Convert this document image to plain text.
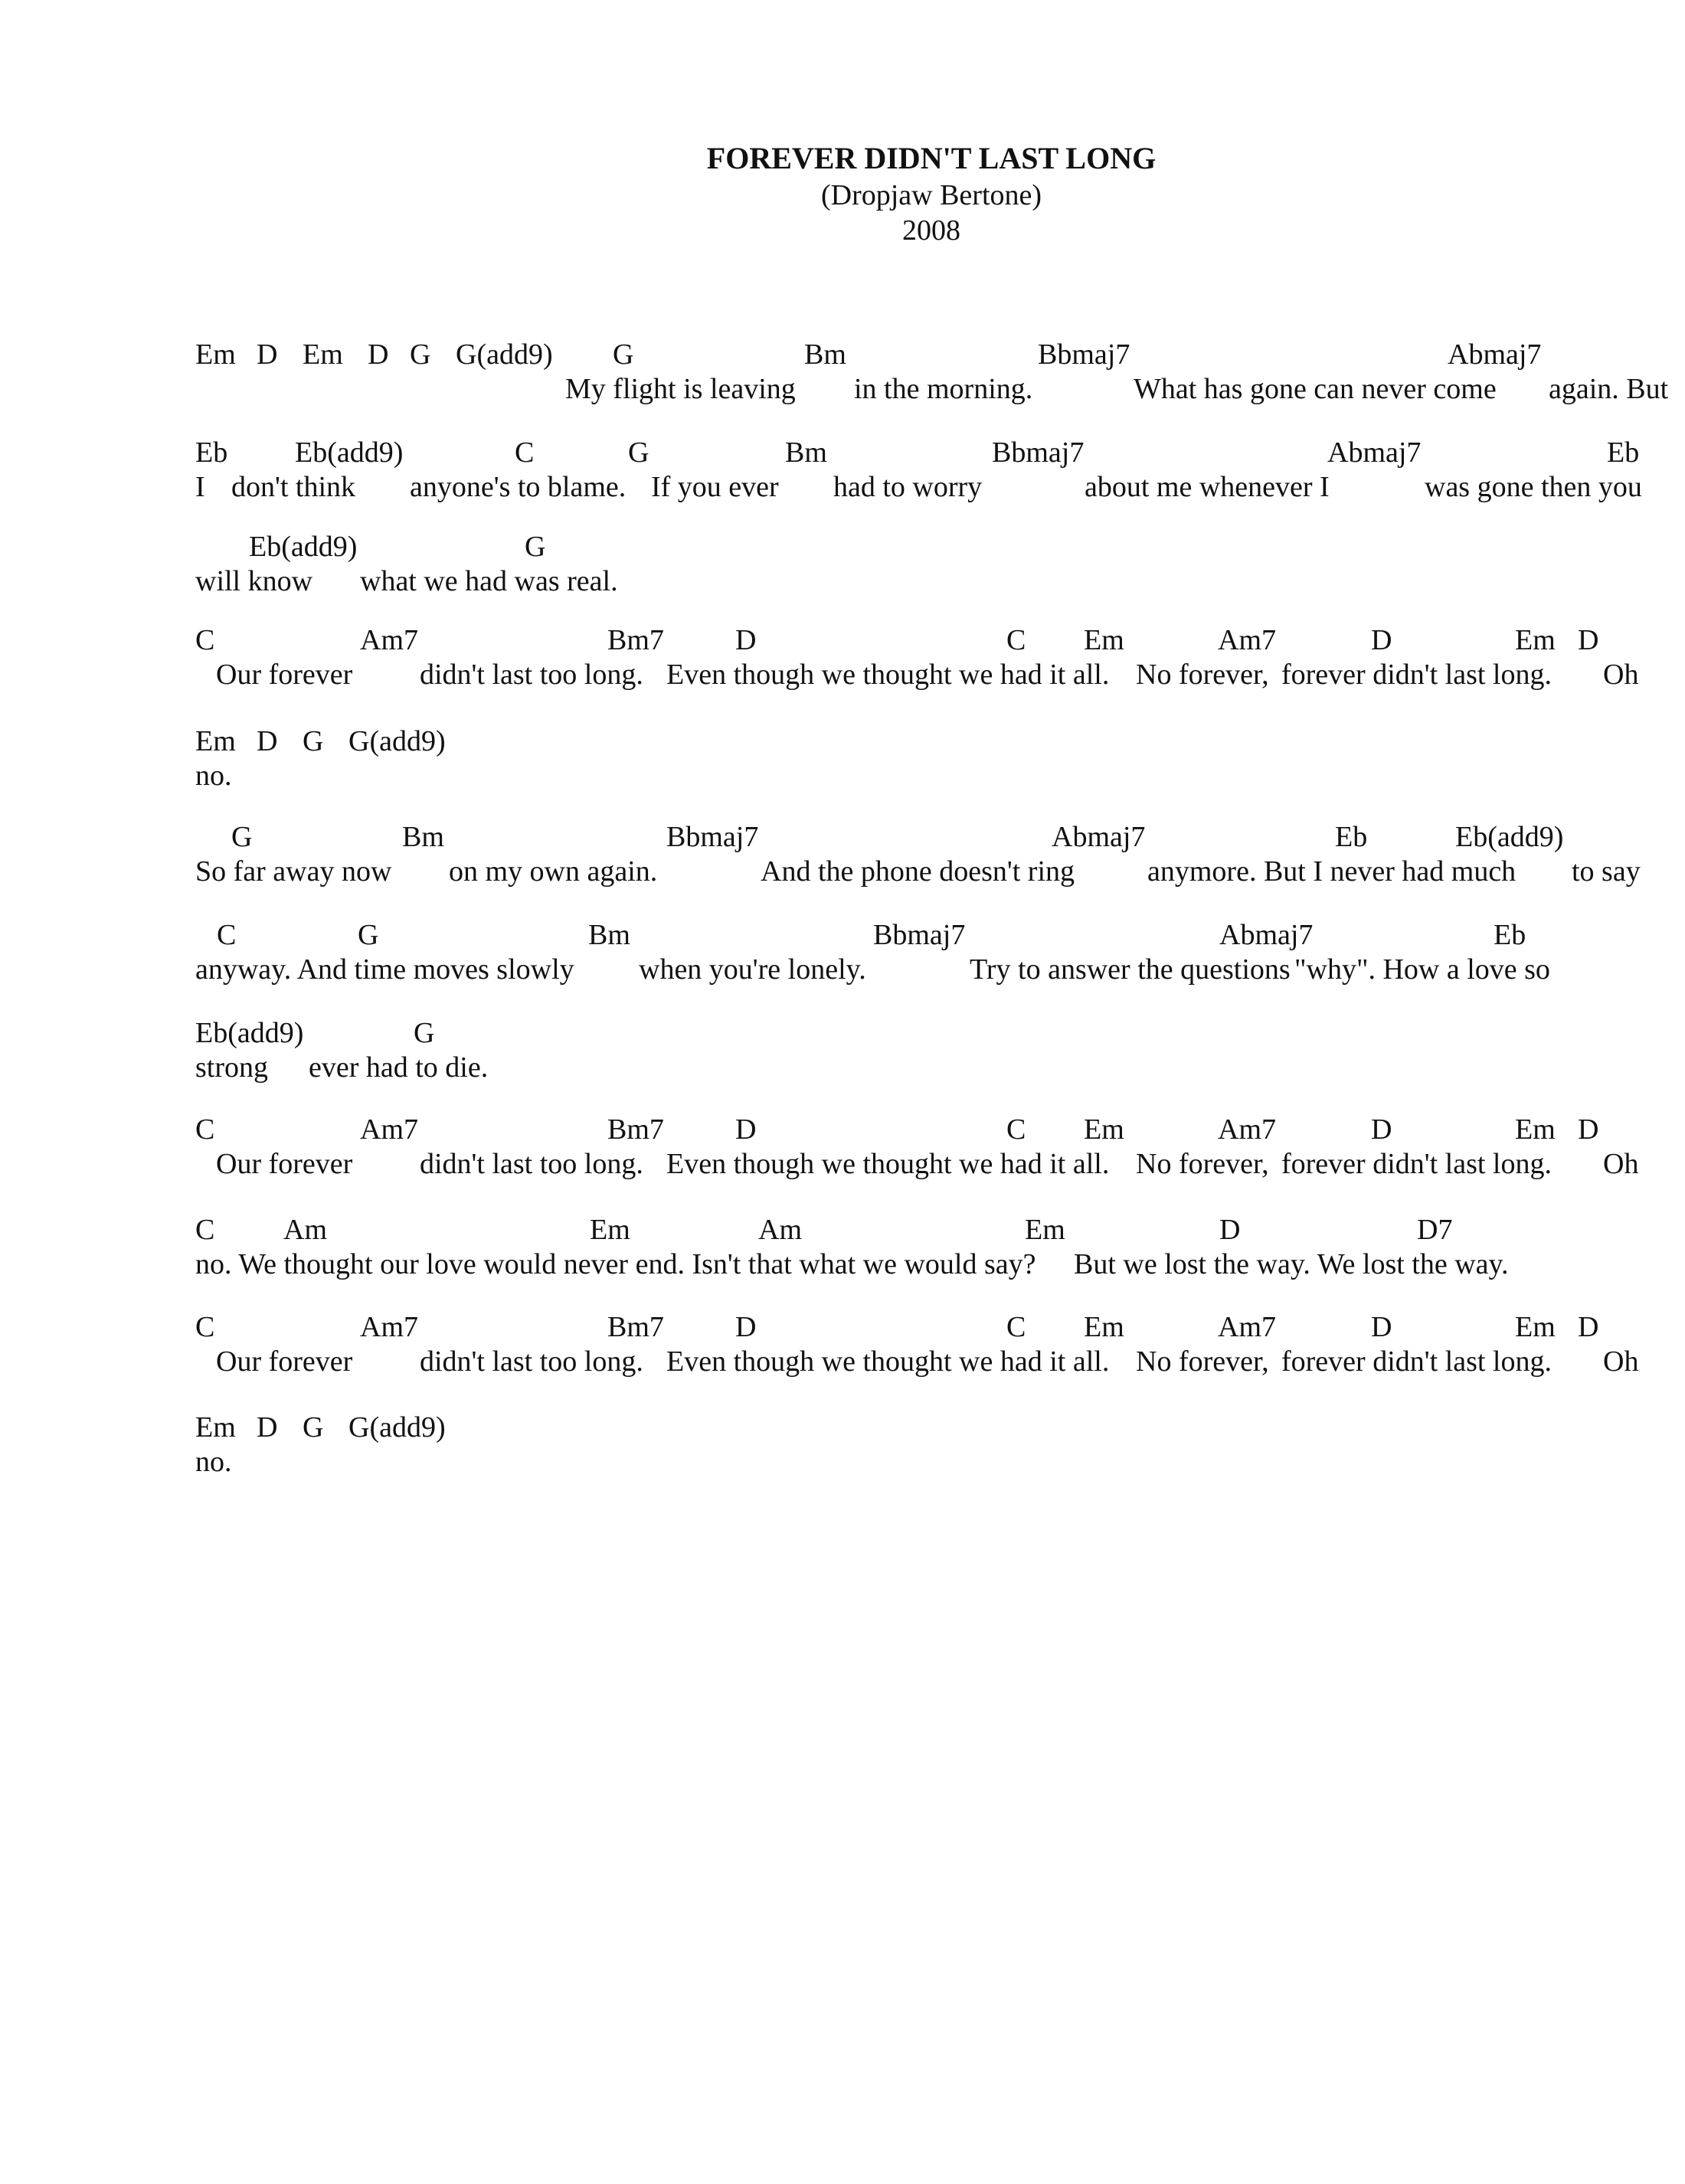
FOREVER DIDN'T LAST LONG
(Dropjaw Bertone)
2008
Em D Em D G G(add9) G	Bm	Bbmaj7	Abmaj7
My flight is leaving in the morning.	What has gone can never come again. But
Eb Eb(add9)	C	G	Bm	Bbmaj7	Abmaj7	Eb
I don't think anyone's to blame. If you ever had to worry	about me whenever I	was gone then you
Eb(add9)	G
will know what we had was real.
C	Am7	Bm7 D	C Em	Am7	D	Em D
Our forever didn't last too long. Even though we thought we had it all. No forever, forever didn't last long. Oh
Em D G G(add9)
no.
G	Bm	Bbmaj7	Abmaj7	Eb	Eb(add9)
So far away now on my own again.	And the phone doesn't ring anymore. But I never had much to say
C	G	Bm	Bbmaj7	Abmaj7	Eb
anyway. And time moves slowly when you're lonely.	Try to answer the questions "why". How a love so
Eb(add9)	G
strong ever had to die.
C	Am7	Bm7 D	C Em	Am7	D	Em D
Our forever didn't last too long. Even though we thought we had it all. No forever, forever didn't last long. Oh
C Am	Em	Am	Em	D	D7
no. We thought our love would never end. Isn't that what we would say? But we lost the way. We lost the way.
C	Am7	Bm7 D	C Em	Am7	D	Em D
Our forever didn't last too long. Even though we thought we had it all. No forever, forever didn't last long. Oh
Em D G G(add9)
no.
